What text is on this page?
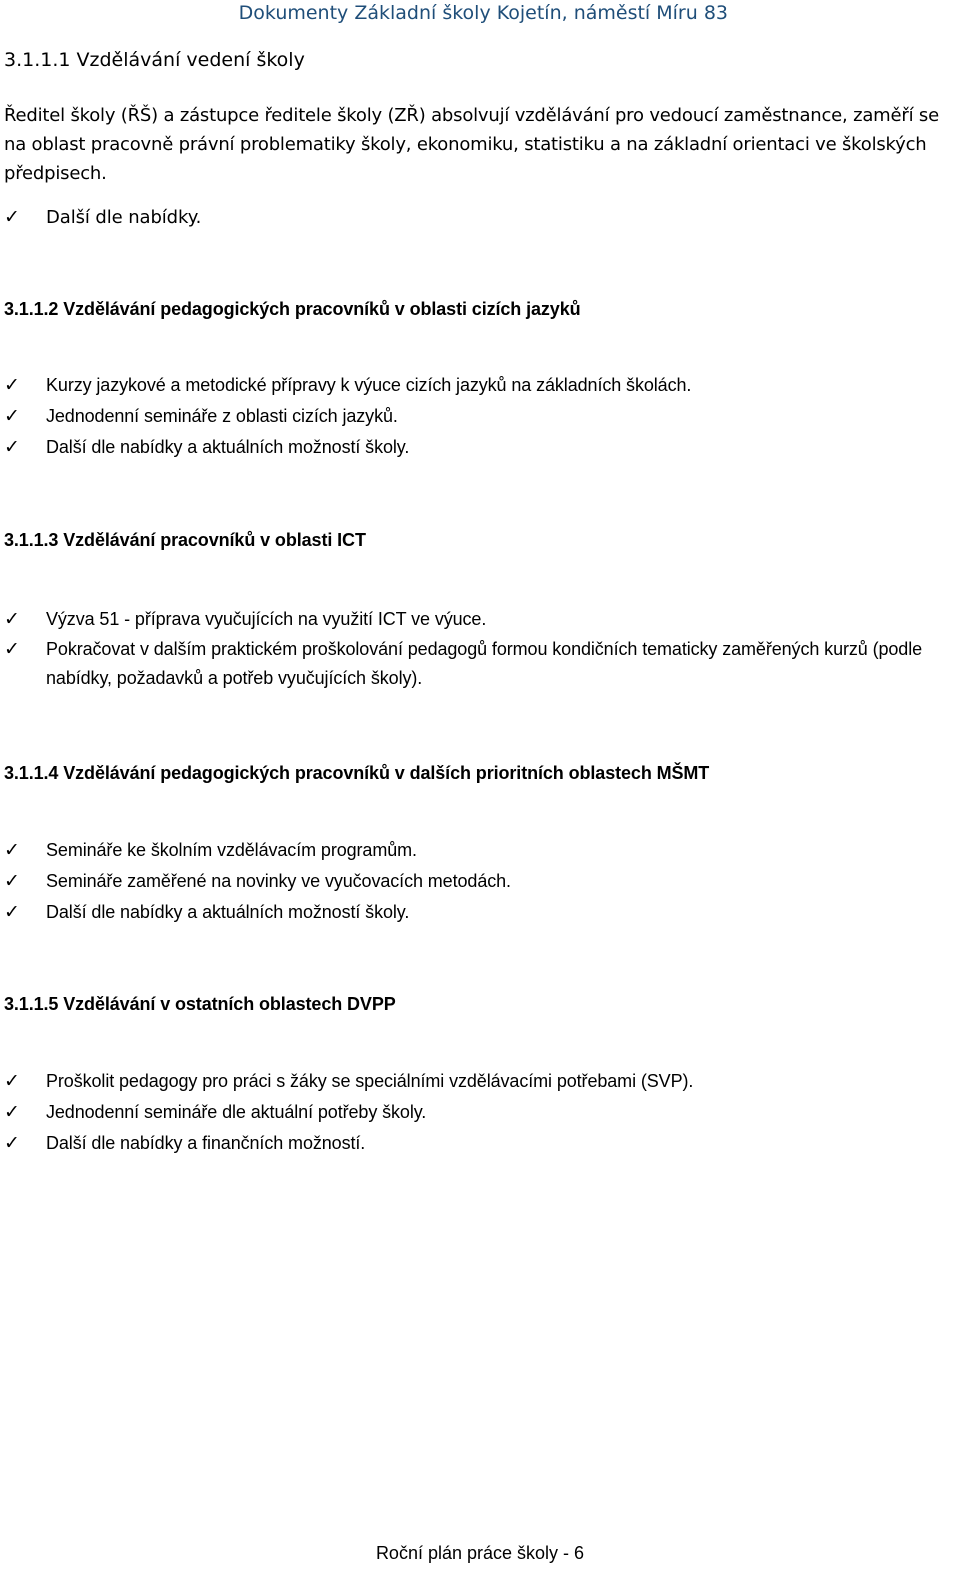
Dokumenty Základní školy Kojetín, náměstí Míru 83
3.1.1.1 Vzdělávání vedení školy

Ředitel školy (ŘŠ) a zástupce ředitele školy (ZŘ) absolvují vzdělávání pro vedoucí zaměstnance, zaměří se na oblast pracovně právní problematiky školy, ekonomiku, statistiku a na základní orientaci ve školských předpisech.

✓ Další dle nabídky.
3.1.1.2 Vzdělávání pedagogických pracovníků v oblasti cizích jazyků
✓ Kurzy jazykové a metodické přípravy k výuce cizích jazyků na základních školách.
✓ Jednodenní semináře z oblasti cizích jazyků.
✓ Další dle nabídky a aktuálních možností školy.
3.1.1.3 Vzdělávání pracovníků v oblasti ICT
✓ Výzva 51 - příprava vyučujících na využití ICT ve výuce.
✓ Pokračovat v dalším praktickém proškolování pedagogů formou kondičních tematicky zaměřených kurzů (podle nabídky, požadavků a potřeb vyučujících školy).
3.1.1.4 Vzdělávání pedagogických pracovníků v dalších prioritních oblastech MŠMT
✓ Semináře ke školním vzdělávacím programům.
✓ Semináře zaměřené na novinky ve vyučovacích metodách.
✓ Další dle nabídky a aktuálních možností školy.
3.1.1.5 Vzdělávání v ostatních oblastech DVPP
✓ Proškolit pedagogy pro práci s žáky se speciálními vzdělávacími potřebami (SVP).
✓ Jednodenní semináře dle aktuální potřeby školy.
✓ Další dle nabídky a finančních možností.
Roční plán práce školy - 6
